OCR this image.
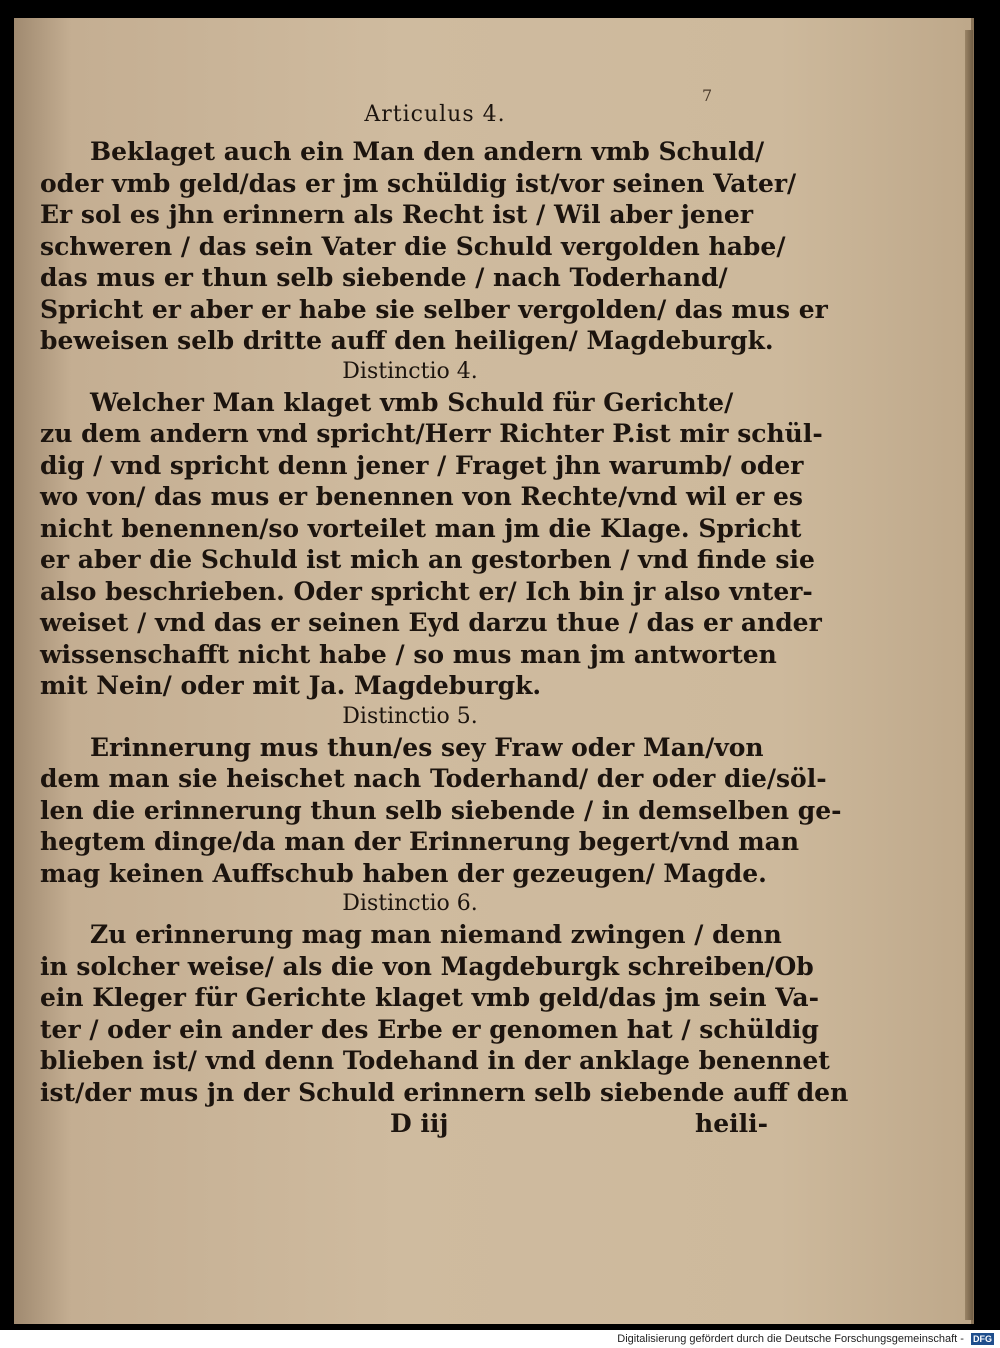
7
Articulus 4.
Beklaget auch ein Man den andern vmb Schuld/
oder vmb geld/das er jm schüldig ist/vor seinen Vater/
Er sol es jhn erinnern als Recht ist / Wil aber jener
schweren / das sein Vater die Schuld vergolden habe/
das mus er thun selb siebende / nach Toderhand/
Spricht er aber er habe sie selber vergolden/ das mus er
beweisen selb dritte auff den heiligen/ Magdeburgk.
Distinctio 4.
Welcher Man klaget vmb Schuld für Gerichte/
zu dem andern vnd spricht/Herr Richter P.ist mir schül-
dig / vnd spricht denn jener / Fraget jhn warumb/ oder
wo von/ das mus er benennen von Rechte/vnd wil er es
nicht benennen/so vorteilet man jm die Klage. Spricht
er aber die Schuld ist mich an gestorben / vnd finde sie
also beschrieben. Oder spricht er/ Ich bin jr also vnter-
weiset / vnd das er seinen Eyd darzu thue / das er ander
wissenschafft nicht habe / so mus man jm antworten
mit Nein/ oder mit Ja. Magdeburgk.
Distinctio 5.
Erinnerung mus thun/es sey Fraw oder Man/von
dem man sie heischet nach Toderhand/ der oder die/söl-
len die erinnerung thun selb siebende / in demselben ge-
hegtem dinge/da man der Erinnerung begert/vnd man
mag keinen Auffschub haben der gezeugen/ Magde.
Distinctio 6.
Zu erinnerung mag man niemand zwingen / denn
in solcher weise/ als die von Magdeburgk schreiben/Ob
ein Kleger für Gerichte klaget vmb geld/das jm sein Va-
ter / oder ein ander des Erbe er genomen hat / schüldig
blieben ist/ vnd denn Todehand in der anklage benennet
ist/der mus jn der Schuld erinnern selb siebende auff den
D iij	heili-
Digitalisierung gefördert durch die Deutsche Forschungsgemeinschaft - DFG
